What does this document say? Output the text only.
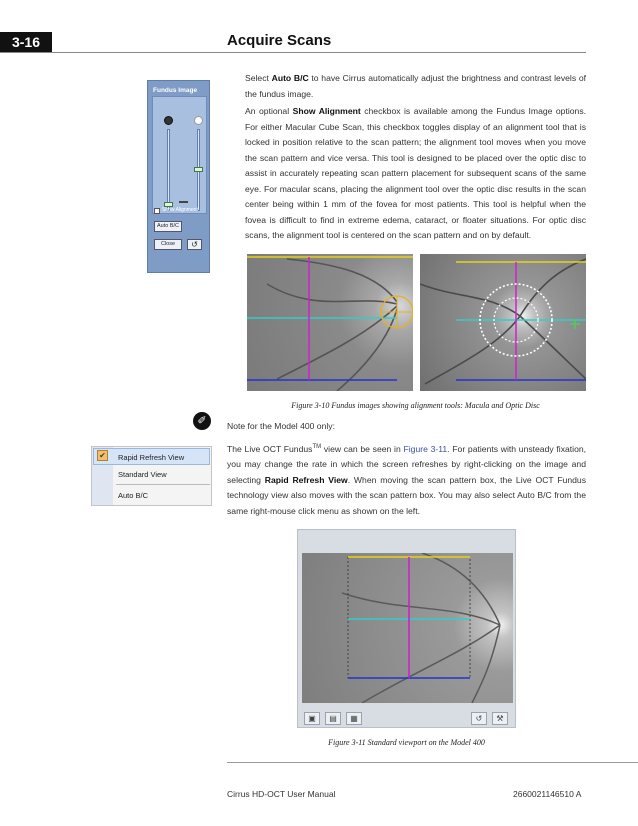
3-16	Acquire Scans
Fundus Image
Show Alignment
Auto B/C
Close	↺
Select Auto B/C to have Cirrus automatically adjust the brightness and contrast levels of the fundus image.
An optional Show Alignment checkbox is available among the Fundus Image options. For either Macular Cube Scan, this checkbox toggles display of an alignment tool that is locked in position relative to the scan pattern; the alignment tool moves when you move the scan pattern and vice versa. This tool is designed to be placed over the optic disc to assist in accurately repeating scan pattern placement for subsequent scans of the same eye. For macular scans, placing the alignment tool over the optic disc results in the scan center being within 1 mm of the fovea for most patients. This tool is helpful when the fovea is difficult to find in extreme edema, cataract, or floater situations. For optic disc scans, the alignment tool is centered on the scan pattern and on by default.
Figure 3-10 Fundus images showing alignment tools: Macula and Optic Disc
✐	Note for the Model 400 only:
The Live OCT Fundus™ view can be seen in Figure 3-11. For patients with unsteady fixation, you may change the rate in which the screen refreshes by right-clicking on the image and selecting Rapid Refresh View. When moving the scan pattern box, the Live OCT Fundus technology view also moves with the scan pattern box. You may also select Auto B/C from the same right-mouse click menu as shown on the left.
✔ Rapid Refresh View
Standard View
Auto B/C
▣	▤	▦	↺	⚒
Figure 3-11 Standard viewport on the Model 400
Cirrus HD-OCT User Manual	2660021146510 A
